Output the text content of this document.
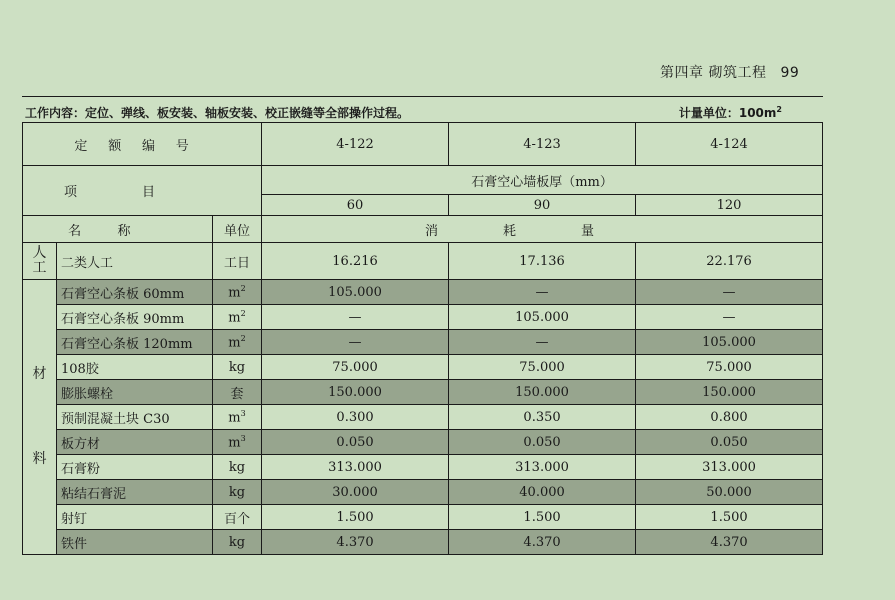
第四章 砌筑工程 99
工作内容：定位、弹线、板安装、轴板安装、校正嵌缝等全部操作过程。	计量单位：$100m^2$
定额编号			4-122	4-123	4-124
项目			石膏空心墙板厚（mm）		
			60	90	120
名称		单位	消耗量		

人
工	二类人工	工日	16.216	17.136	22.176

材
料	石膏空心条板 60mm	$m^2$	105.000	—	—
	石膏空心条板 90mm	$m^2$	—	105.000	—
	石膏空心条板 120mm	$m^2$	—	—	105.000
	108胶	kg	75.000	75.000	75.000
	膨胀螺栓	套	150.000	150.000	150.000
	预制混凝土块 C30	$m^3$	0.300	0.350	0.800
	板方材	$m^3$	0.050	0.050	0.050
	石膏粉	kg	313.000	313.000	313.000
	粘结石膏泥	kg	30.000	40.000	50.000
	射钉	百个	1.500	1.500	1.500
	铁件	kg	4.370	4.370	4.370
